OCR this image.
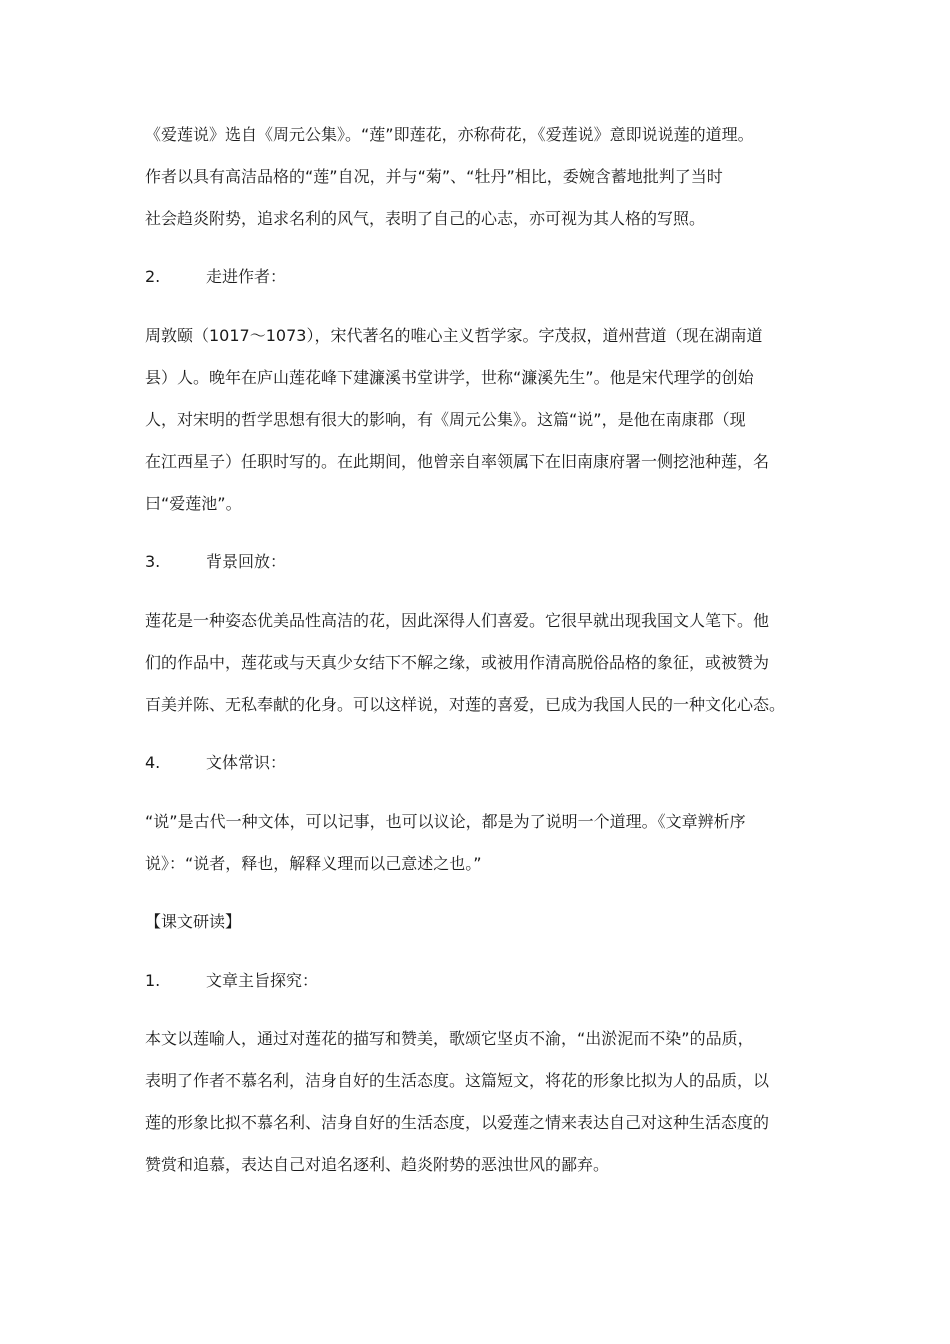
《爱莲说》选自《周元公集》。“莲”即莲花，亦称荷花，《爱莲说》意即说说莲的道理。

作者以具有高洁品格的“莲”自况，并与“菊”、“牡丹”相比，委婉含蓄地批判了当时

社会趋炎附势，追求名利的风气，表明了自己的心志，亦可视为其人格的写照。

2.	走进作者：

周敦颐（1017～1073），宋代著名的唯心主义哲学家。字茂叔，道州营道（现在湖南道

县）人。晚年在庐山莲花峰下建濂溪书堂讲学，世称“濂溪先生”。他是宋代理学的创始

人，对宋明的哲学思想有很大的影响，有《周元公集》。这篇“说”，是他在南康郡（现

在江西星子）任职时写的。在此期间，他曾亲自率领属下在旧南康府署一侧挖池种莲，名

曰“爱莲池”。

3.	背景回放：

莲花是一种姿态优美品性高洁的花，因此深得人们喜爱。它很早就出现我国文人笔下。他

们的作品中，莲花或与天真少女结下不解之缘，或被用作清高脱俗品格的象征，或被赞为

百美并陈、无私奉献的化身。可以这样说，对莲的喜爱，已成为我国人民的一种文化心态。

4.	文体常识：

“说”是古代一种文体，可以记事，也可以议论，都是为了说明一个道理。《文章辨析序

说》：“说者，释也，解释义理而以己意述之也。”

【课文研读】

1.	文章主旨探究：

本文以莲喻人，通过对莲花的描写和赞美，歌颂它坚贞不渝，“出淤泥而不染”的品质，

表明了作者不慕名利，洁身自好的生活态度。这篇短文，将花的形象比拟为人的品质，以

莲的形象比拟不慕名利、洁身自好的生活态度，以爱莲之情来表达自己对这种生活态度的

赞赏和追慕，表达自己对追名逐利、趋炎附势的恶浊世风的鄙弃。
